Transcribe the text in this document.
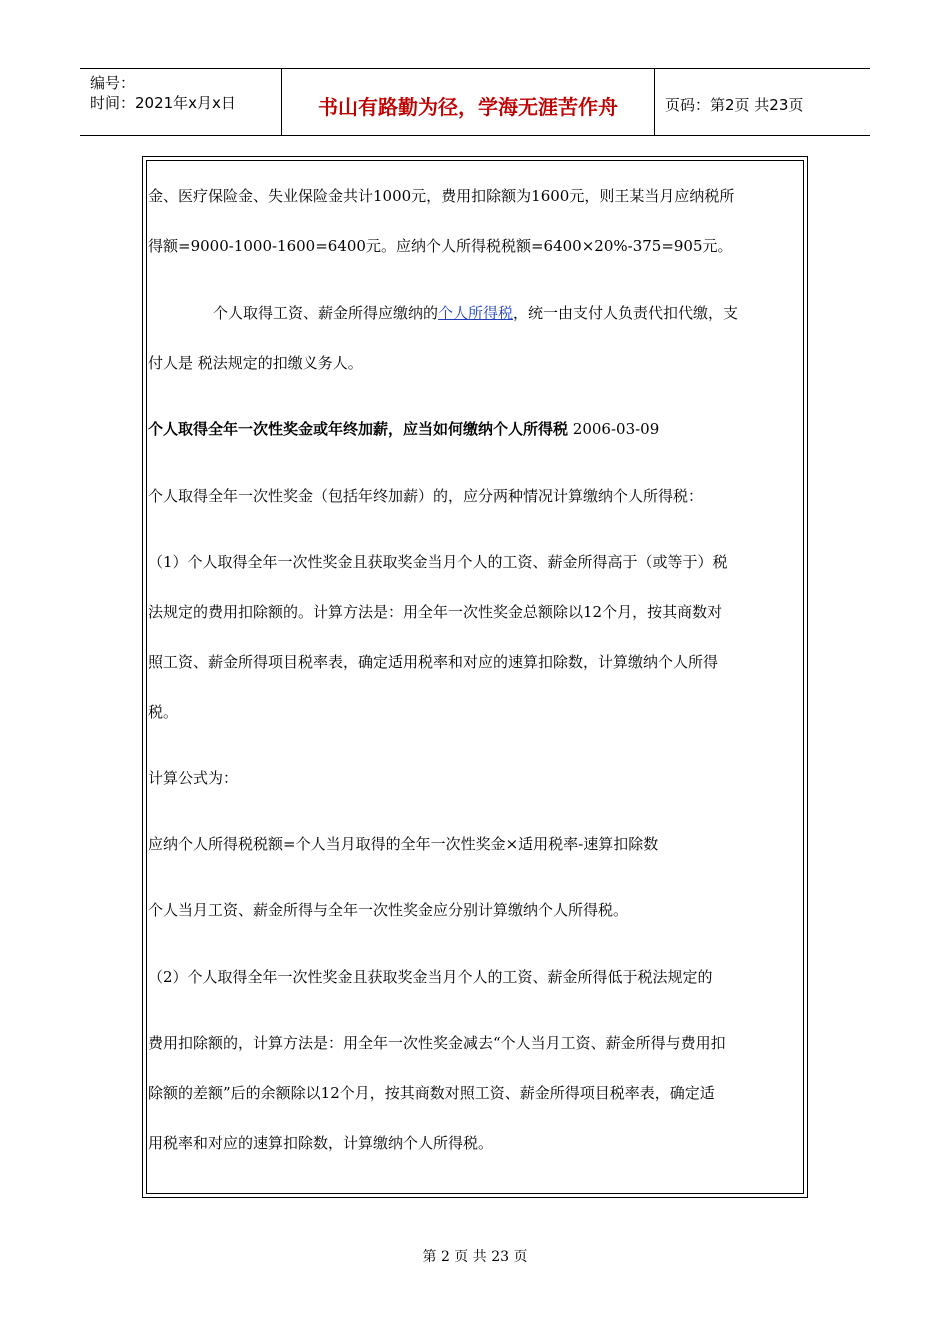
编号：
时间：2021年x月x日	书山有路勤为径，学海无涯苦作舟	页码：第2页 共23页
金、医疗保险金、失业保险金共计1000元，费用扣除额为1600元，则王某当月应纳税所
得额=9000-1000-1600=6400元。应纳个人所得税税额=6400×20%-375=905元。
个人取得工资、薪金所得应缴纳的个人所得税，统一由支付人负责代扣代缴，支
付人是 税法规定的扣缴义务人。
个人取得全年一次性奖金或年终加薪，应当如何缴纳个人所得税 2006-03-09
个人取得全年一次性奖金（包括年终加薪）的，应分两种情况计算缴纳个人所得税：
（1）个人取得全年一次性奖金且获取奖金当月个人的工资、薪金所得高于（或等于）税
法规定的费用扣除额的。计算方法是：用全年一次性奖金总额除以12个月，按其商数对
照工资、薪金所得项目税率表，确定适用税率和对应的速算扣除数，计算缴纳个人所得
税。
计算公式为：
应纳个人所得税税额=个人当月取得的全年一次性奖金×适用税率-速算扣除数
个人当月工资、薪金所得与全年一次性奖金应分别计算缴纳个人所得税。
（2）个人取得全年一次性奖金且获取奖金当月个人的工资、薪金所得低于税法规定的
费用扣除额的，计算方法是：用全年一次性奖金减去“个人当月工资、薪金所得与费用扣
除额的差额”后的余额除以12个月，按其商数对照工资、薪金所得项目税率表，确定适
用税率和对应的速算扣除数，计算缴纳个人所得税。
第 2 页 共 23 页
